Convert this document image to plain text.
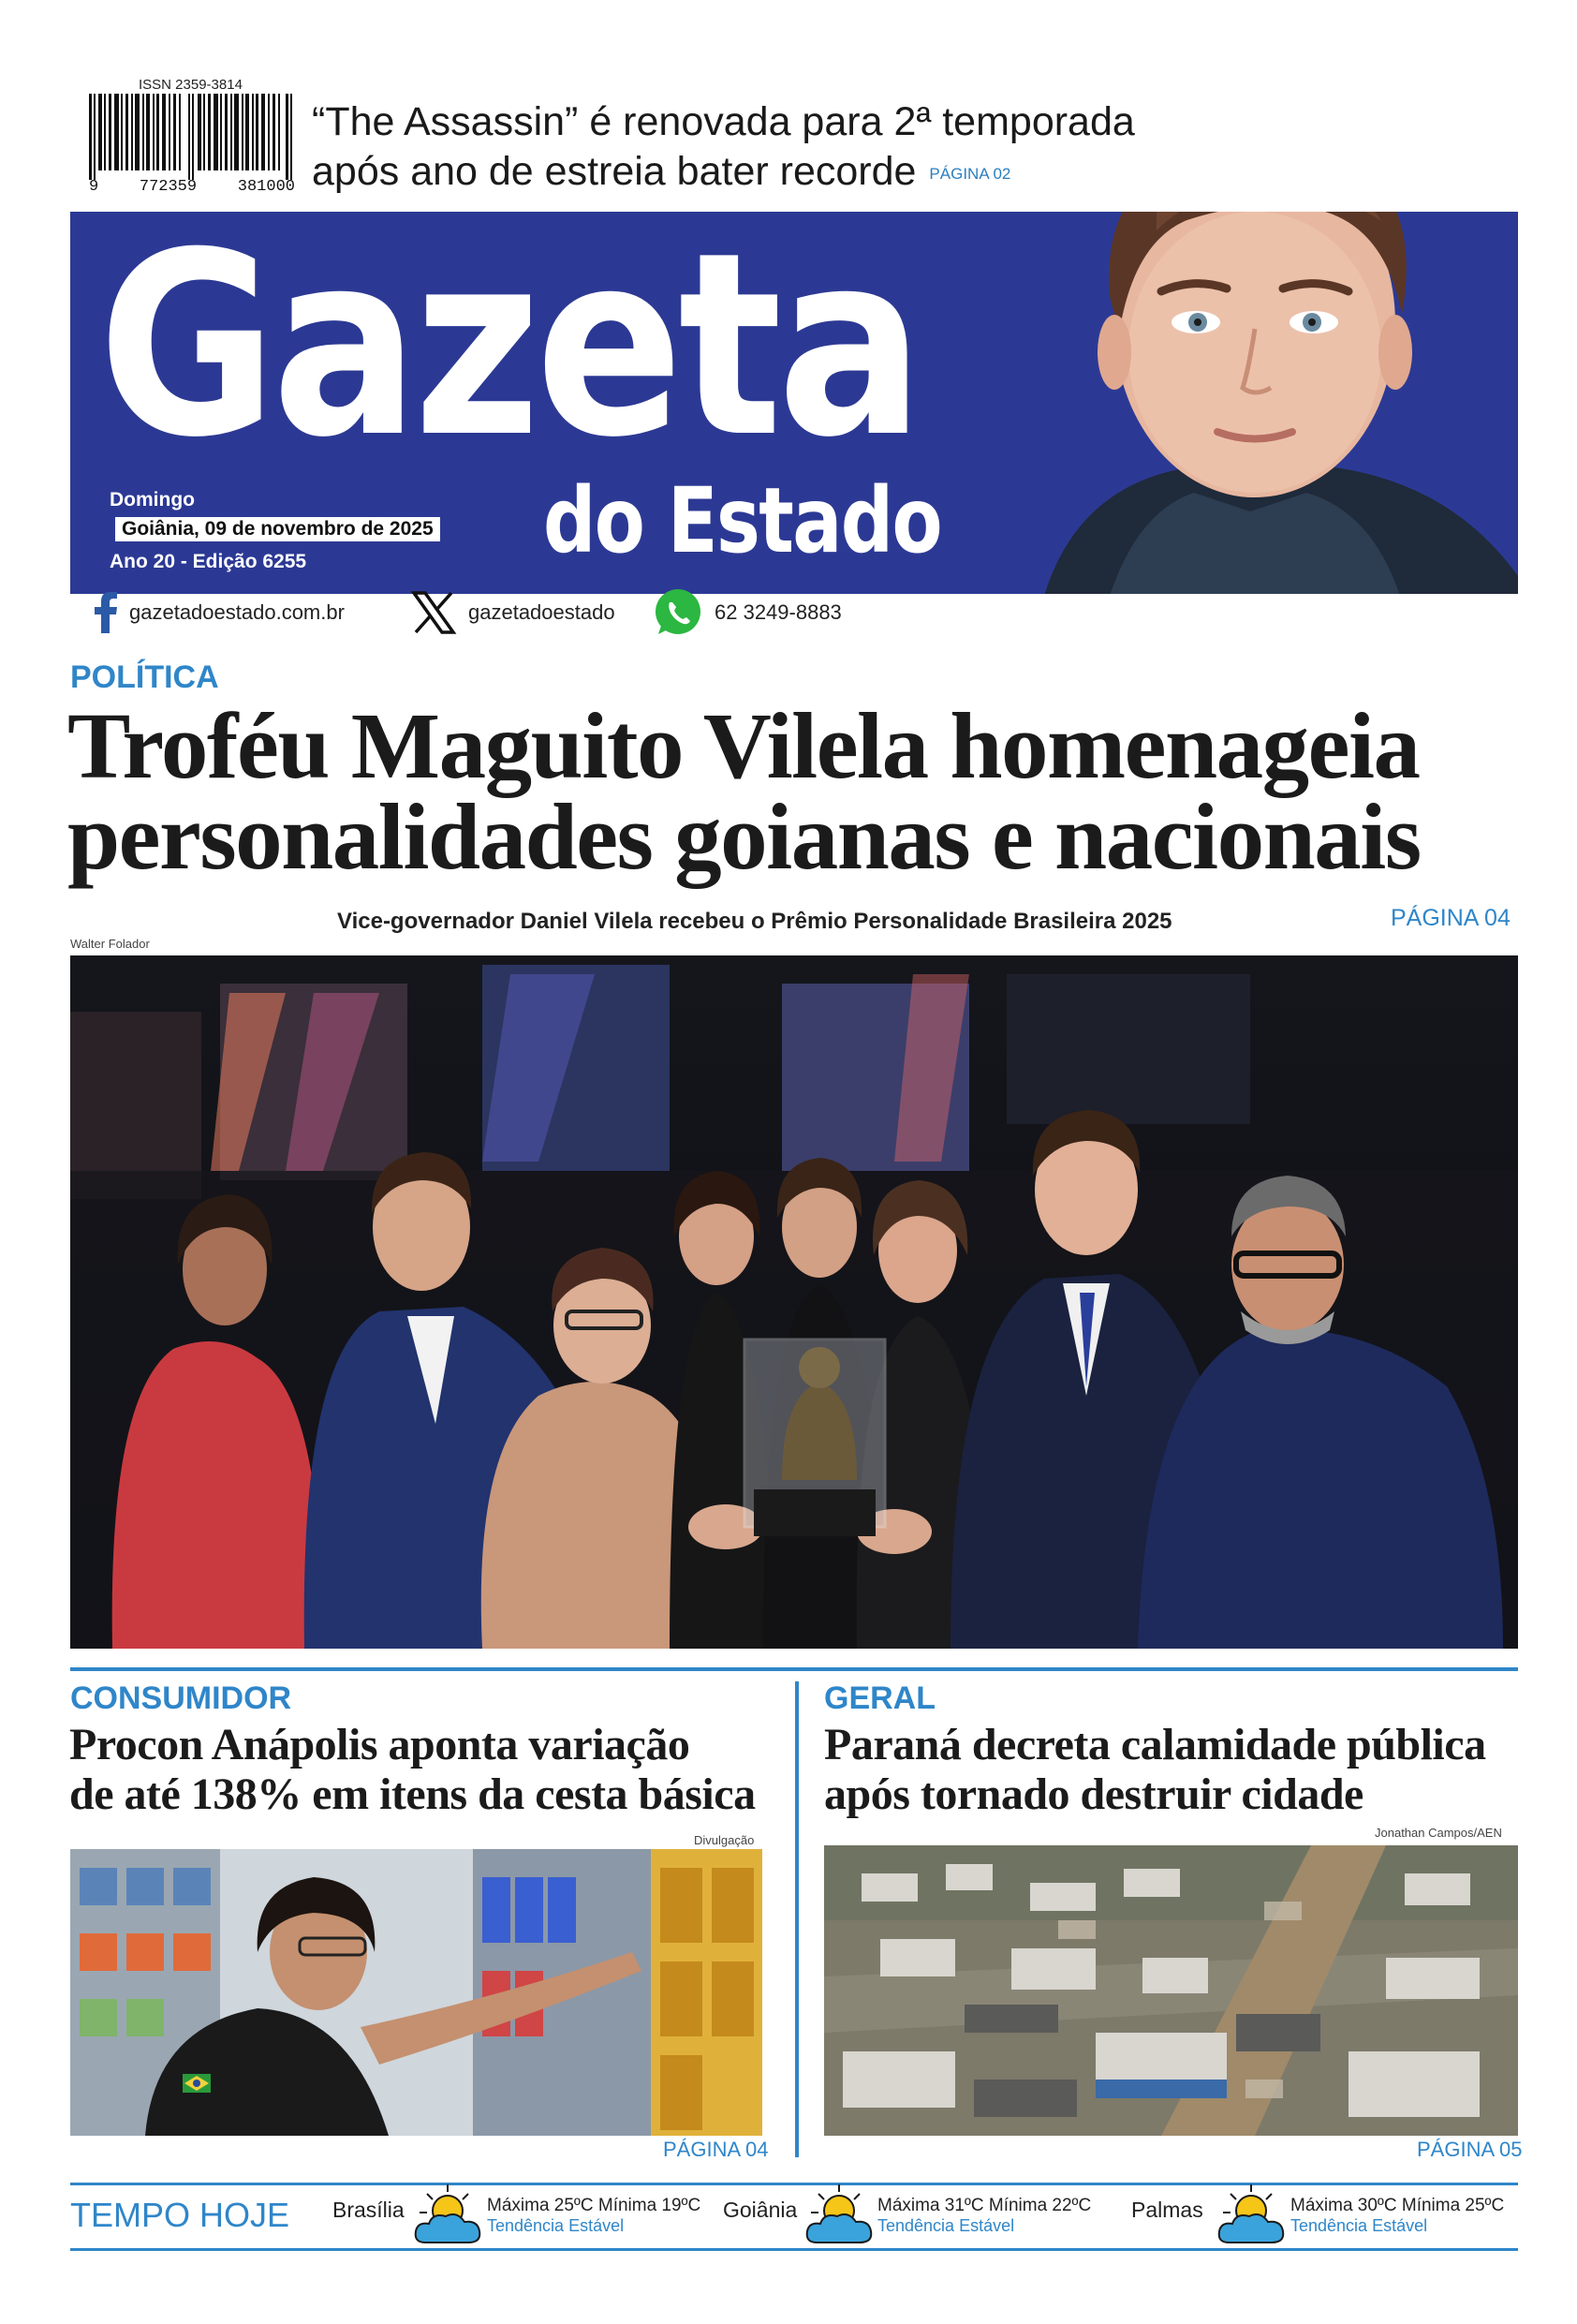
ISSN 2359-3814
9	772359	381000
“The Assassin” é renovada para 2ª temporada
após ano de estreia bater recorde PÁGINA 02
Gazeta
do Estado
Domingo
Goiânia, 09 de novembro de 2025
Ano 20 - Edição 6255
gazetadoestado.com.br	gazetadoestado	62 3249-8883
POLÍTICA
Troféu Maguito Vilela homenageia
personalidades goianas e nacionais
Vice-governador Daniel Vilela recebeu o Prêmio Personalidade Brasileira 2025	PÁGINA 04
Walter Folador
CONSUMIDOR
Procon Anápolis aponta variação
de até 138% em itens da cesta básica
Divulgação
PÁGINA 04
GERAL
Paraná decreta calamidade pública
após tornado destruir cidade
Jonathan Campos/AEN
PÁGINA 05
TEMPO HOJE Brasília	Máxima 25ºC Mínima 19ºC
Tendência Estável
Goiânia	Máxima 31ºC Mínima 22ºC
Tendência Estável
Palmas	Máxima 30ºC Mínima 25ºC
Tendência Estável
